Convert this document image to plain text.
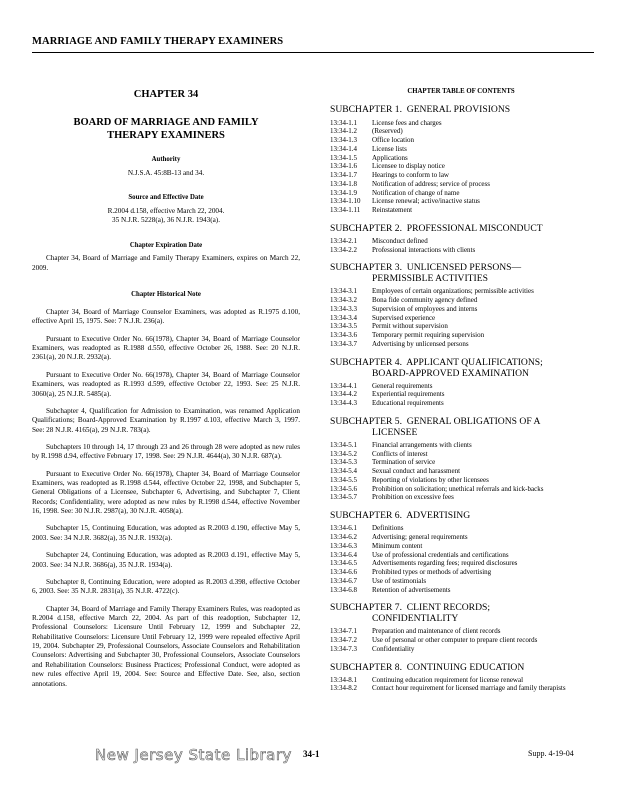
MARRIAGE AND FAMILY THERAPY EXAMINERS
CHAPTER 34
BOARD OF MARRIAGE AND FAMILY
THERAPY EXAMINERS
Authority
N.J.S.A. 45:8B-13 and 34.
Source and Effective Date
R.2004 d.158, effective March 22, 2004.
35 N.J.R. 5228(a), 36 N.J.R. 1943(a).
Chapter Expiration Date

Chapter 34, Board of Marriage and Family Therapy Examiners, expires on March 22, 2009.

Chapter Historical Note

Chapter 34, Board of Marriage Counselor Examiners, was adopted as R.1975 d.100, effective April 15, 1975. See: 7 N.J.R. 236(a).

Pursuant to Executive Order No. 66(1978), Chapter 34, Board of Marriage Counselor Examiners, was readopted as R.1988 d.550, effective October 26, 1988. See: 20 N.J.R. 2361(a), 20 N.J.R. 2932(a).

Pursuant to Executive Order No. 66(1978), Chapter 34, Board of Marriage Counselor Examiners, was readopted as R.1993 d.599, effective October 22, 1993. See: 25 N.J.R. 3060(a), 25 N.J.R. 5485(a).

Subchapter 4, Qualification for Admission to Examination, was renamed Application Qualifications; Board-Approved Examination by R.1997 d.103, effective March 3, 1997. See: 28 N.J.R. 4165(a), 29 N.J.R. 783(a).

Subchapters 10 through 14, 17 through 23 and 26 through 28 were adopted as new rules by R.1998 d.94, effective February 17, 1998. See: 29 N.J.R. 4644(a), 30 N.J.R. 687(a).

Pursuant to Executive Order No. 66(1978), Chapter 34, Board of Marriage Counselor Examiners, was readopted as R.1998 d.544, effective October 22, 1998, and Subchapter 5, General Obligations of a Licensee, Subchapter 6, Advertising, and Subchapter 7, Client Records; Confidentiality, were adopted as new rules by R.1998 d.544, effective November 16, 1998. See: 30 N.J.R. 2987(a), 30 N.J.R. 4058(a).

Subchapter 15, Continuing Education, was adopted as R.2003 d.190, effective May 5, 2003. See: 34 N.J.R. 3682(a), 35 N.J.R. 1932(a).

Subchapter 24, Continuing Education, was adopted as R.2003 d.191, effective May 5, 2003. See: 34 N.J.R. 3686(a), 35 N.J.R. 1934(a).

Subchapter 8, Continuing Education, were adopted as R.2003 d.398, effective October 6, 2003. See: 35 N.J.R. 2831(a), 35 N.J.R. 4722(c).

Chapter 34, Board of Marriage and Family Therapy Examiners Rules, was readopted as R.2004 d.158, effective March 22, 2004. As part of this readoption, Subchapter 12, Professional Counselors: Licensure Until February 12, 1999 and Subchapter 22, Rehabilitative Counselors: Licensure Until February 12, 1999 were repealed effective April 19, 2004. Subchapter 29, Professional Counselors, Associate Counselors and Rehabilitation Counselors: Advertising and Subchapter 30, Professional Counselors, Associate Counselors and Rehabilitation Counselors: Business Practices; Professional Conduct, were adopted as new rules effective April 19, 2004. See: Source and Effective Date. See, also, section annotations.

CHAPTER TABLE OF CONTENTS
SUBCHAPTER 1.  GENERAL PROVISIONS
13:34-1.1	License fees and charges
13:34-1.2	(Reserved)
13:34-1.3	Office location
13:34-1.4	License lists
13:34-1.5	Applications
13:34-1.6	Licensee to display notice
13:34-1.7	Hearings to conform to law
13:34-1.8	Notification of address; service of process
13:34-1.9	Notification of change of name
13:34-1.10	License renewal; active/inactive status
13:34-1.11	Reinstatement
SUBCHAPTER 2.  PROFESSIONAL MISCONDUCT
13:34-2.1	Misconduct defined
13:34-2.2	Professional interactions with clients
SUBCHAPTER 3.  UNLICENSED PERSONS—
PERMISSIBLE ACTIVITIES
13:34-3.1	Employees of certain organizations; permissible activities
13:34-3.2	Bona fide community agency defined
13:34-3.3	Supervision of employees and interns
13:34-3.4	Supervised experience
13:34-3.5	Permit without supervision
13:34-3.6	Temporary permit requiring supervision
13:34-3.7	Advertising by unlicensed persons
SUBCHAPTER 4.  APPLICANT QUALIFICATIONS;
BOARD-APPROVED EXAMINATION
13:34-4.1	General requirements
13:34-4.2	Experiential requirements
13:34-4.3	Educational requirements
SUBCHAPTER 5.  GENERAL OBLIGATIONS OF A
LICENSEE
13:34-5.1	Financial arrangements with clients
13:34-5.2	Conflicts of interest
13:34-5.3	Termination of service
13:34-5.4	Sexual conduct and harassment
13:34-5.5	Reporting of violations by other licensees
13:34-5.6	Prohibition on solicitation; unethical referrals and kick-backs
13:34-5.7	Prohibition on excessive fees
SUBCHAPTER 6.  ADVERTISING
13:34-6.1	Definitions
13:34-6.2	Advertising; general requirements
13:34-6.3	Minimum content
13:34-6.4	Use of professional credentials and certifications
13:34-6.5	Advertisements regarding fees; required disclosures
13:34-6.6	Prohibited types or methods of advertising
13:34-6.7	Use of testimonials
13:34-6.8	Retention of advertisements
SUBCHAPTER 7.  CLIENT RECORDS;
CONFIDENTIALITY
13:34-7.1	Preparation and maintenance of client records
13:34-7.2	Use of personal or other computer to prepare client records
13:34-7.3	Confidentiality
SUBCHAPTER 8.  CONTINUING EDUCATION
13:34-8.1	Continuing education requirement for license renewal
13:34-8.2	Contact hour requirement for licensed marriage and family therapists
New Jersey State Library 34-1	Supp. 4-19-04
